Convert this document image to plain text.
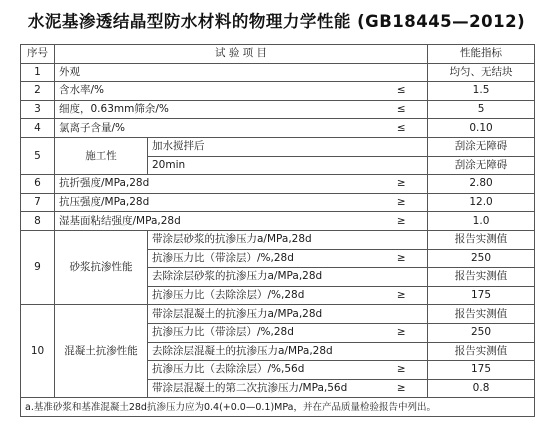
水泥基渗透结晶型防水材料的物理力学性能 (GB18445—2012)
序号	试 验 项 目			性能指标
1	外观			均匀、无结块
2	含水率/%		≤	1.5
3	细度，0.63mm筛余/%		≤	5
4	氯离子含量/%		≤	0.10
5	施工性	加水搅拌后		刮涂无障碍
		20min		刮涂无障碍
6	抗折强度/MPa,28d		≥	2.80
7	抗压强度/MPa,28d		≥	12.0
8	湿基面粘结强度/MPa,28d		≥	1.0
9	砂浆抗渗性能	带涂层砂浆的抗渗压力a/MPa,28d		报告实测值
		抗渗压力比（带涂层）/%,28d	≥	250
		去除涂层砂浆的抗渗压力a/MPa,28d		报告实测值
		抗渗压力比（去除涂层）/%,28d	≥	175
10	混凝土抗渗性能	带涂层混凝土的抗渗压力a/MPa,28d		报告实测值
		抗渗压力比（带涂层）/%,28d	≥	250
		去除涂层混凝土的抗渗压力a/MPa,28d		报告实测值
		抗渗压力比（去除涂层）/%,56d	≥	175
		带涂层混凝土的第二次抗渗压力/MPa,56d	≥	0.8
a.基准砂浆和基准混凝土28d抗渗压力应为0.4(+0.0—0.1)MPa，并在产品质量检验报告中列出。				
